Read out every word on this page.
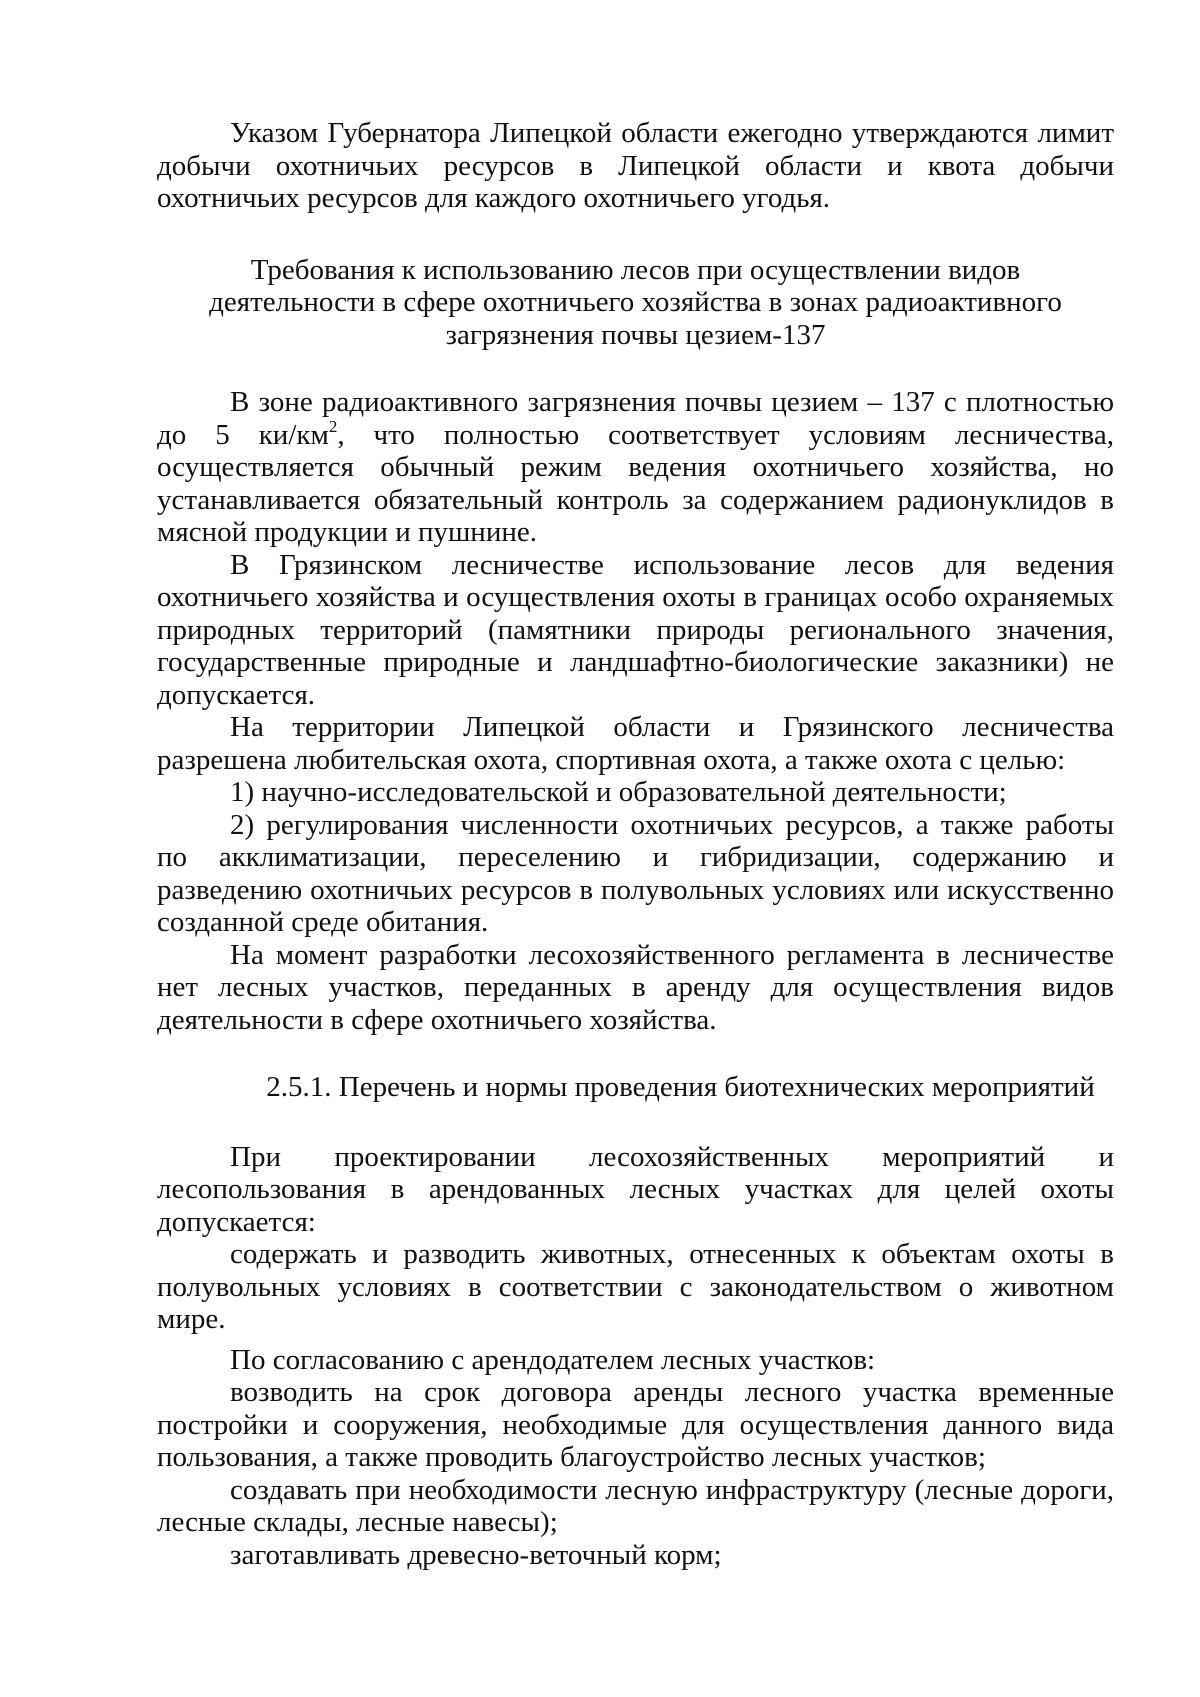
Указом Губернатора Липецкой области ежегодно утверждаются лимит добычи охотничьих ресурсов в Липецкой области и квота добычи охотничьих ресурсов для каждого охотничьего угодья.

Требования к использованию лесов при осуществлении видов деятельности в сфере охотничьего хозяйства в зонах радиоактивного загрязнения почвы цезием-137

В зоне радиоактивного загрязнения почвы цезием – 137 с плотностью до 5 $ки/км^2$, что полностью соответствует условиям лесничества, осуществляется обычный режим ведения охотничьего хозяйства, но устанавливается обязательный контроль за содержанием радионуклидов в мясной продукции и пушнине.

В Грязинском лесничестве использование лесов для ведения охотничьего хозяйства и осуществления охоты в границах особо охраняемых природных территорий (памятники природы регионального значения, государственные природные и ландшафтно-биологические заказники) не допускается.

На территории Липецкой области и Грязинского лесничества разрешена любительская охота, спортивная охота, а также охота с целью:

1) научно-исследовательской и образовательной деятельности;

2) регулирования численности охотничьих ресурсов, а также работы по акклиматизации, переселению и гибридизации, содержанию и разведению охотничьих ресурсов в полувольных условиях или искусственно созданной среде обитания.

На момент разработки лесохозяйственного регламента в лесничестве нет лесных участков, переданных в аренду для осуществления видов деятельности в сфере охотничьего хозяйства.

2.5.1. Перечень и нормы проведения биотехнических мероприятий

При проектировании лесохозяйственных мероприятий и лесопользования в арендованных лесных участках для целей охоты допускается:

содержать и разводить животных, отнесенных к объектам охоты в полувольных условиях в соответствии с законодательством о животном мире.

По согласованию с арендодателем лесных участков:

возводить на срок договора аренды лесного участка временные постройки и сооружения, необходимые для осуществления данного вида пользования, а также проводить благоустройство лесных участков;

создавать при необходимости лесную инфраструктуру (лесные дороги, лесные склады, лесные навесы);

заготавливать древесно-веточный корм;
